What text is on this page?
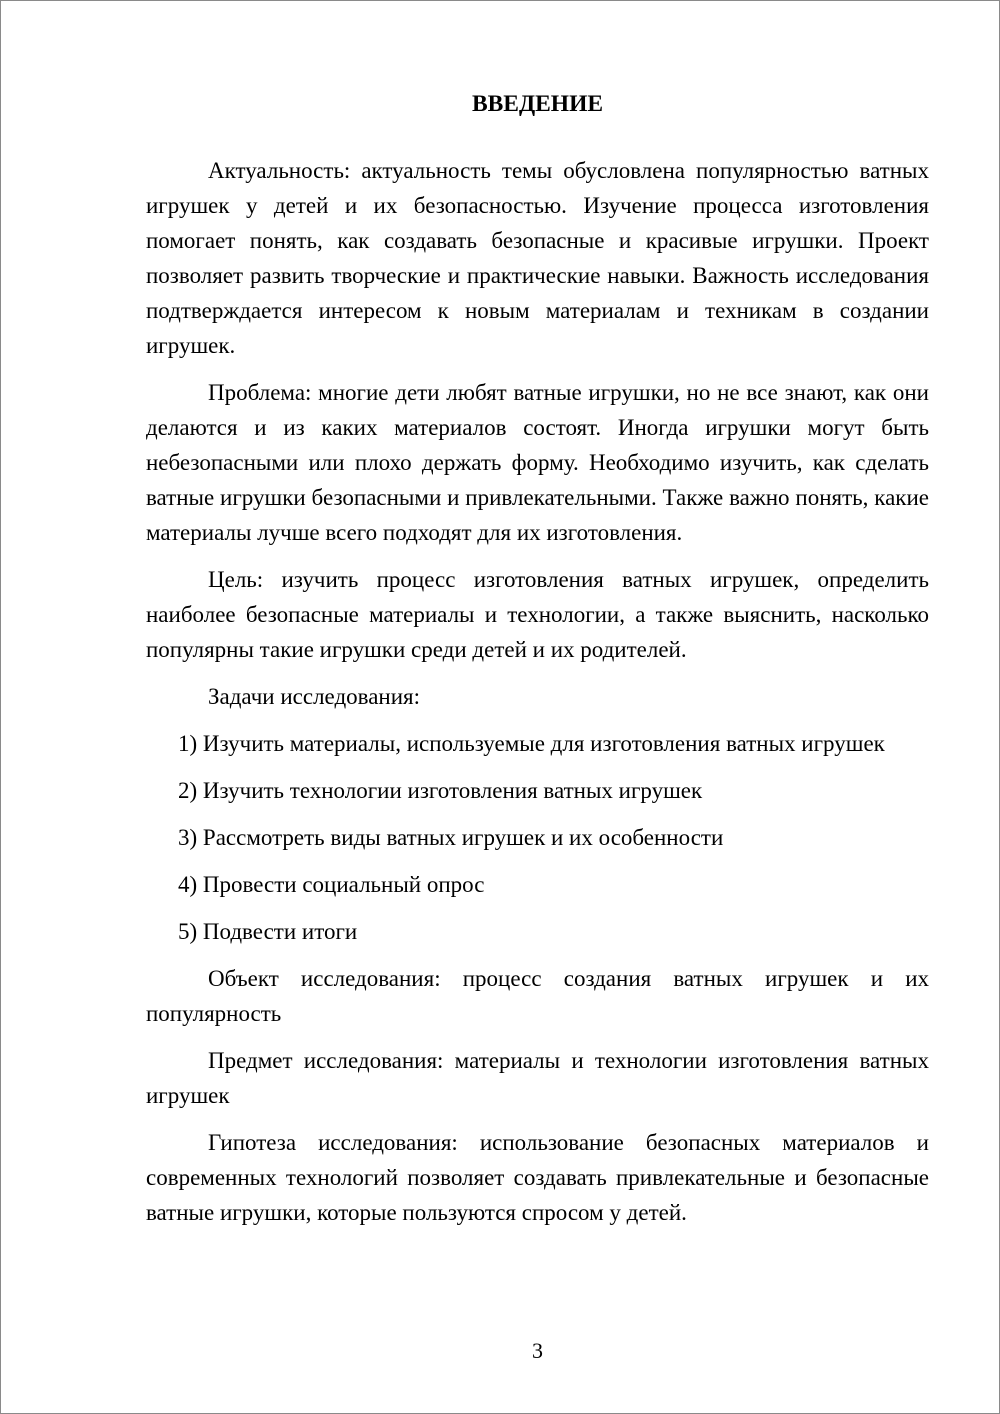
ВВЕДЕНИЕ

Актуальность: актуальность темы обусловлена популярностью ватных игрушек у детей и их безопасностью. Изучение процесса изготовления помогает понять, как создавать безопасные и красивые игрушки. Проект позволяет развить творческие и практические навыки. Важность исследования подтверждается интересом к новым материалам и техникам в создании игрушек.

Проблема: многие дети любят ватные игрушки, но не все знают, как они делаются и из каких материалов состоят. Иногда игрушки могут быть небезопасными или плохо держать форму. Необходимо изучить, как сделать ватные игрушки безопасными и привлекательными. Также важно понять, какие материалы лучше всего подходят для их изготовления.

Цель: изучить процесс изготовления ватных игрушек, определить наиболее безопасные материалы и технологии, а также выяснить, насколько популярны такие игрушки среди детей и их родителей.

Задачи исследования:

1) Изучить материалы, используемые для изготовления ватных игрушек

2) Изучить технологии изготовления ватных игрушек

3) Рассмотреть виды ватных игрушек и их особенности

4) Провести социальный опрос

5) Подвести итоги

Объект исследования: процесс создания ватных игрушек и их популярность

Предмет исследования: материалы и технологии изготовления ватных игрушек

Гипотеза исследования: использование безопасных материалов и современных технологий позволяет создавать привлекательные и безопасные ватные игрушки, которые пользуются спросом у детей.

3
